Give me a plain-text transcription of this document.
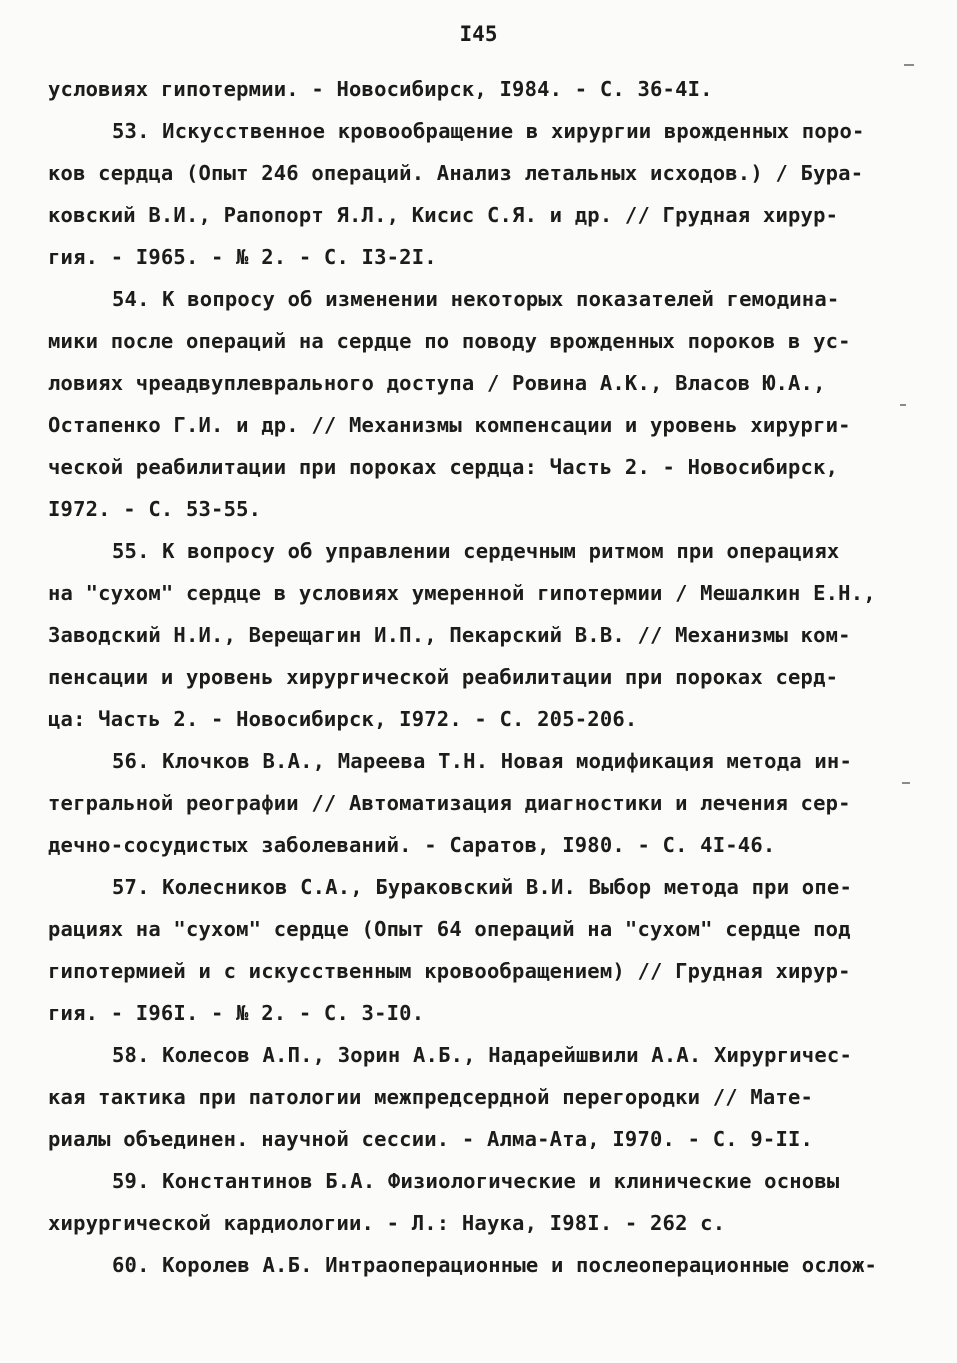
I45
условиях гипотермии. - Новосибирск, I984. - С. 36-4I.
53. Искусственное кровообращение в хирургии врожденных поро-
ков сердца (Опыт 246 операций. Анализ летальных исходов.) / Бура-
ковский В.И., Рапопорт Я.Л., Кисис С.Я. и др. // Грудная хирур-
гия. - I965. - № 2. - С. I3-2I.
54. К вопросу об изменении некоторых показателей гемодина-
мики после операций на сердце по поводу врожденных пороков в ус-
ловиях чреадвуплеврального доступа / Ровина А.К., Власов Ю.А.,
Остапенко Г.И. и др. // Механизмы компенсации и уровень хирурги-
ческой реабилитации при пороках сердца: Часть 2. - Новосибирск,
I972. - С. 53-55.
55. К вопросу об управлении сердечным ритмом при операциях
на "сухом" сердце в условиях умеренной гипотермии / Мешалкин Е.Н.,
Заводский Н.И., Верещагин И.П., Пекарский В.В. // Механизмы ком-
пенсации и уровень хирургической реабилитации при пороках серд-
ца: Часть 2. - Новосибирск, I972. - С. 205-206.
56. Клочков В.А., Мареева Т.Н. Новая модификация метода ин-
тегральной реографии // Автоматизация диагностики и лечения сер-
дечно-сосудистых заболеваний. - Саратов, I980. - С. 4I-46.
57. Колесников С.А., Бураковский В.И. Выбор метода при опе-
рациях на "сухом" сердце (Опыт 64 операций на "сухом" сердце под
гипотермией и с искусственным кровообращением) // Грудная хирур-
гия. - I96I. - № 2. - С. 3-I0.
58. Колесов А.П., Зорин А.Б., Надарейшвили А.А. Хирургичес-
кая тактика при патологии межпредсердной перегородки // Мате-
риалы объединен. научной сессии. - Алма-Ата, I970. - С. 9-II.
59. Константинов Б.А. Физиологические и клинические основы
хирургической кардиологии. - Л.: Наука, I98I. - 262 с.
60. Королев А.Б. Интраоперационные и послеоперационные ослож-
